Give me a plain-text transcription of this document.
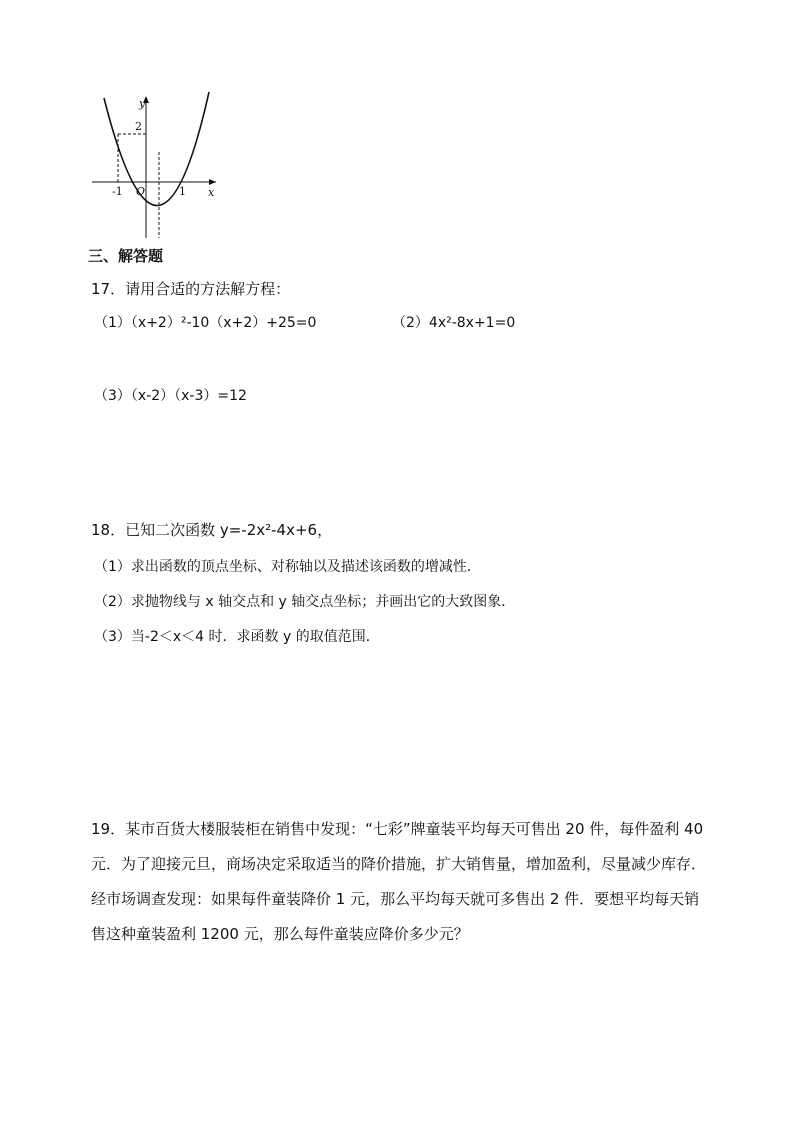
y
2
-1 O	1 x
三、解答题
17．请用合适的方法解方程：
（1）（x+2）²-10（x+2）+25=0	（2）4x²-8x+1=0
（3）（x-2）（x-3）=12
18．已知二次函数 y=-2x²-4x+6，
（1）求出函数的顶点坐标、对称轴以及描述该函数的增减性．
（2）求抛物线与 x 轴交点和 y 轴交点坐标；并画出它的大致图象．
（3）当-2＜x＜4 时．求函数 y 的取值范围．
19．某市百货大楼服装柜在销售中发现：“七彩”牌童装平均每天可售出 20 件，每件盈利 40 元．为了迎接元旦，商场决定采取适当的降价措施，扩大销售量，增加盈利，尽量减少库存．经市场调查发现：如果每件童装降价 1 元，那么平均每天就可多售出 2 件．要想平均每天销售这种童装盈利 1200 元，那么每件童装应降价多少元？
